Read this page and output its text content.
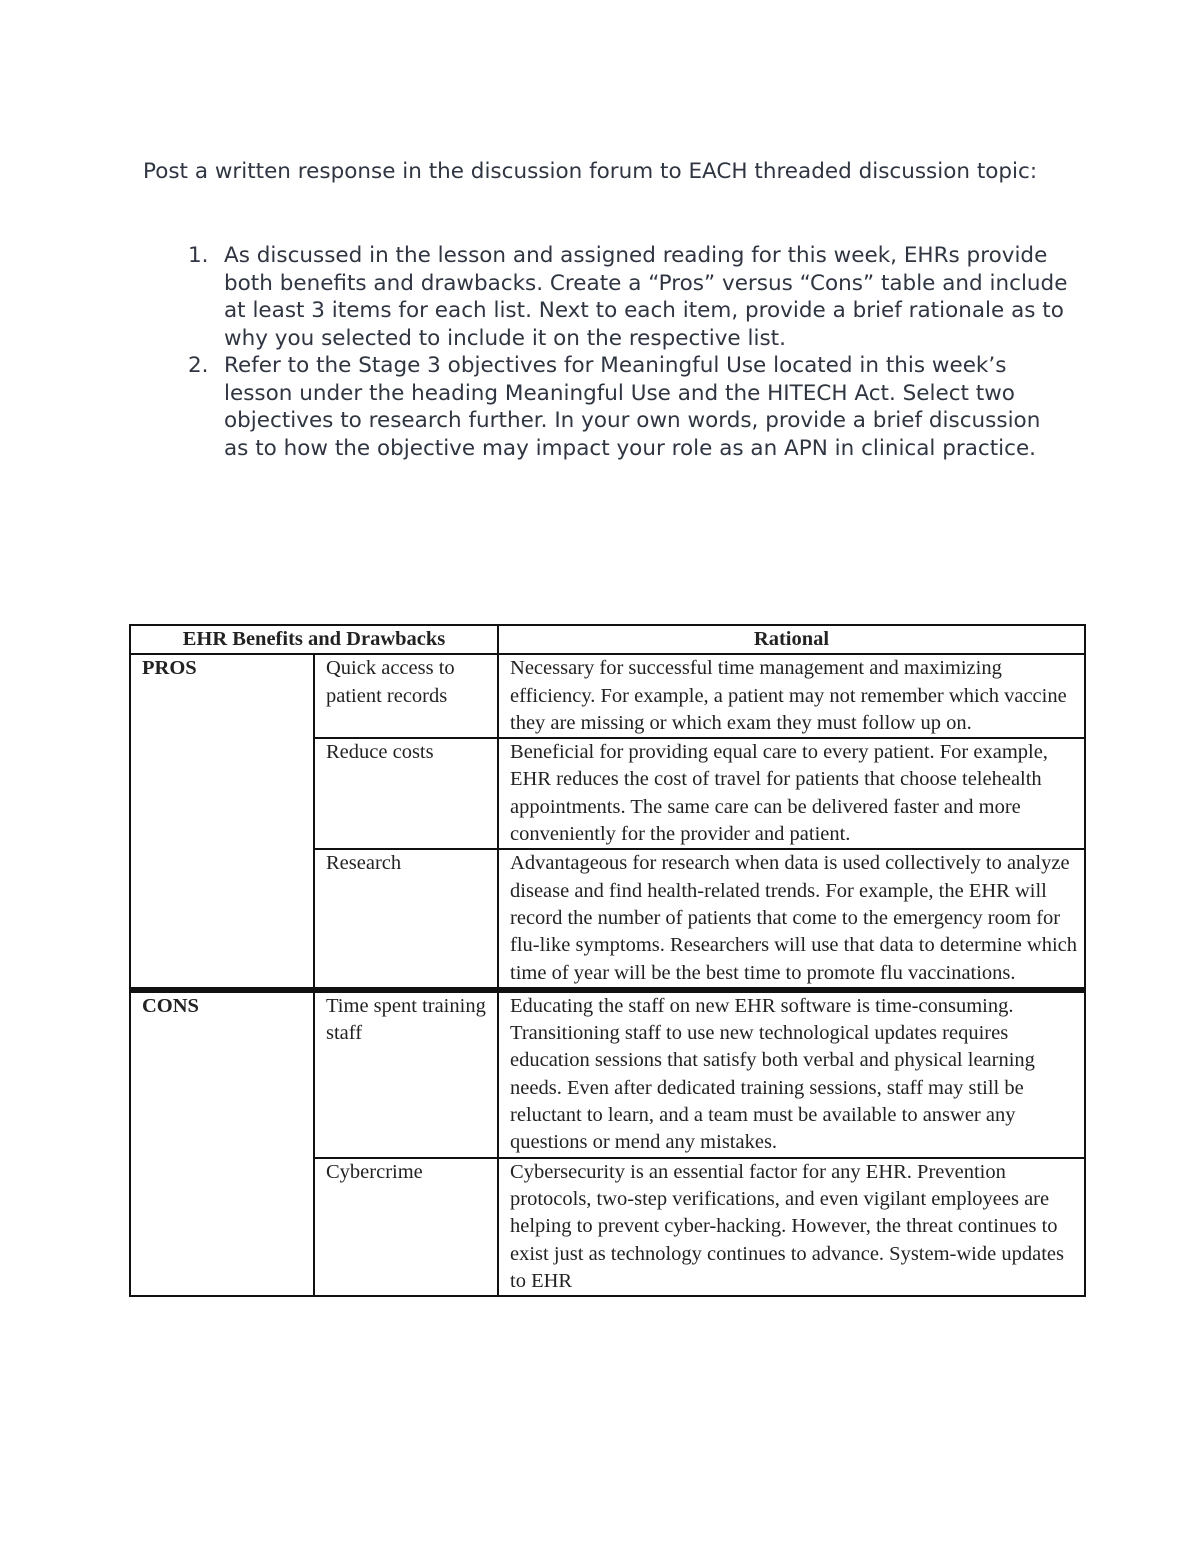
Post a written response in the discussion forum to EACH threaded discussion topic:

1. As discussed in the lesson and assigned reading for this week, EHRs provide both benefits and drawbacks. Create a “Pros” versus “Cons” table and include at least 3 items for each list. Next to each item, provide a brief rationale as to why you selected to include it on the respective list.
2. Refer to the Stage 3 objectives for Meaningful Use located in this week’s lesson under the heading Meaningful Use and the HITECH Act. Select two objectives to research further. In your own words, provide a brief discussion as to how the objective may impact your role as an APN in clinical practice.
EHR Benefits and Drawbacks		Rational
PROS	Quick access to patient records	Necessary for successful time management and maximizing efficiency. For example, a patient may not remember which vaccine they are missing or which exam they must follow up on.
	Reduce costs	Beneficial for providing equal care to every patient. For example, EHR reduces the cost of travel for patients that choose telehealth appointments. The same care can be delivered faster and more conveniently for the provider and patient.
	Research	Advantageous for research when data is used collectively to analyze disease and find health-related trends. For example, the EHR will record the number of patients that come to the emergency room for flu-like symptoms. Researchers will use that data to determine which time of year will be the best time to promote flu vaccinations.
CONS	Time spent training staff	Educating the staff on new EHR software is time-consuming. Transitioning staff to use new technological updates requires education sessions that satisfy both verbal and physical learning needs. Even after dedicated training sessions, staff may still be reluctant to learn, and a team must be available to answer any questions or mend any mistakes.
	Cybercrime	Cybersecurity is an essential factor for any EHR. Prevention protocols, two-step verifications, and even vigilant employees are helping to prevent cyber-hacking. However, the threat continues to exist just as technology continues to advance. System-wide updates to EHR
